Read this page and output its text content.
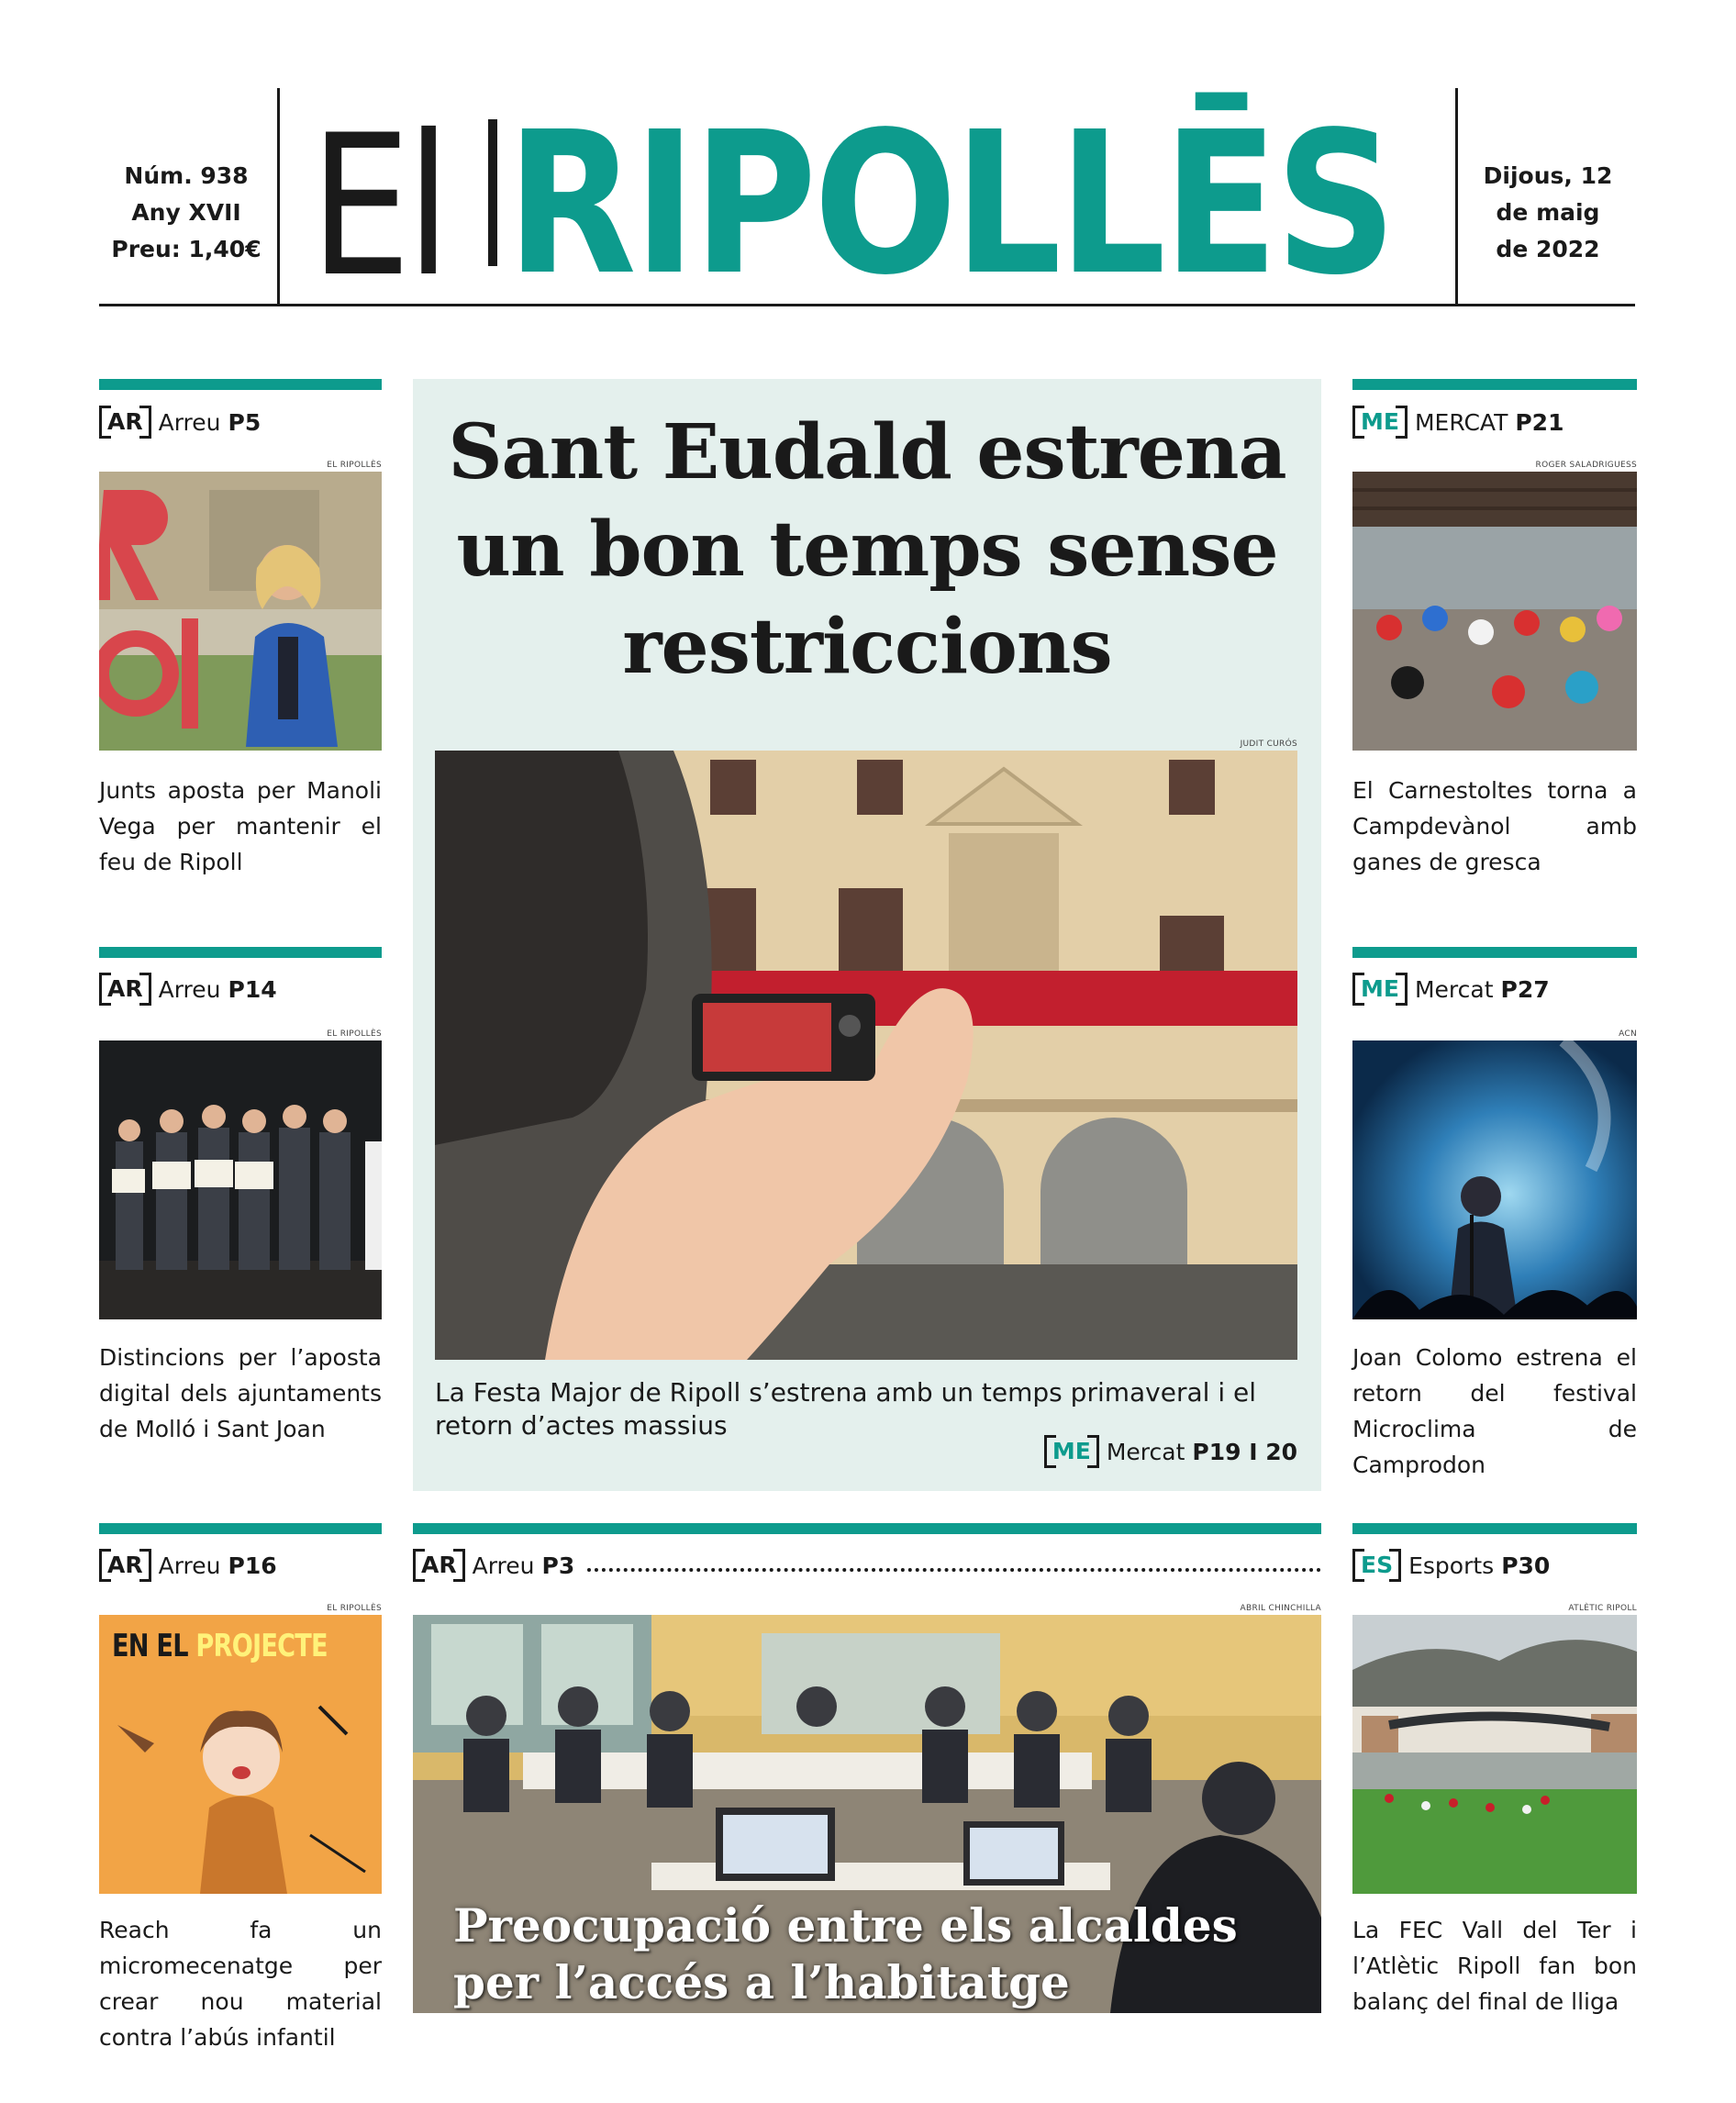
Núm. 938
Any XVII
Preu: 1,40€ El RIPOLLĒS	Dijous, 12
de maig
de 2022
AR Arreu P5
EL RIPOLLÈS
Junts aposta per Manoli Vega per mantenir el feu de Ripoll
AR Arreu P14
EL RIPOLLÈS
Distincions per l’aposta digital dels ajuntaments de Molló i Sant Joan
AR Arreu P16
EL RIPOLLÈS
EN EL PROJECTE
Reach fa un micromecenatge per crear nou material contra l’abús infantil
Sant Eudald estrena
un bon temps sense
restriccions
JUDIT CURÓS
La Festa Major de Ripoll s’estrena amb un temps primaveral i el retorn d’actes massius
ME Mercat P19 I 20
ME MERCAT P21
ROGER SALADRIGUESS
El Carnestoltes torna a Campdevànol amb ganes de gresca
ME Mercat P27
ACN
Joan Colomo estrena el retorn del festival Microclima de Camprodon
ES Esports P30
ATLÈTIC RIPOLL
La FEC Vall del Ter i l’Atlètic Ripoll fan bon balanç del final de lliga
AR Arreu P3
ABRIL CHINCHILLA
Preocupació entre els alcaldes per l’accés a l’habitatge
